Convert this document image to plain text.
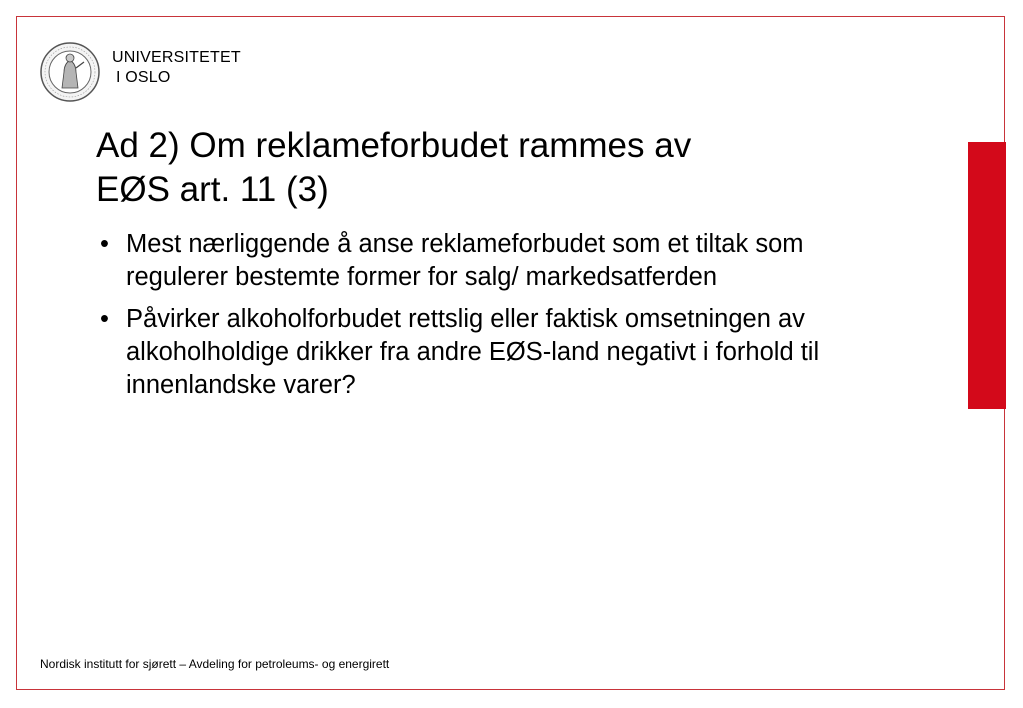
UNIVERSITETET
I OSLO
Ad 2) Om reklameforbudet rammes av
EØS art. 11 (3)
• Mest nærliggende å anse reklameforbudet som et tiltak som regulerer bestemte former for salg/ markedsatferden
• Påvirker alkoholforbudet rettslig eller faktisk omsetningen av alkoholholdige drikker fra andre EØS-land negativt i forhold til innenlandske varer?
Nordisk institutt for sjørett – Avdeling for petroleums- og energirett
